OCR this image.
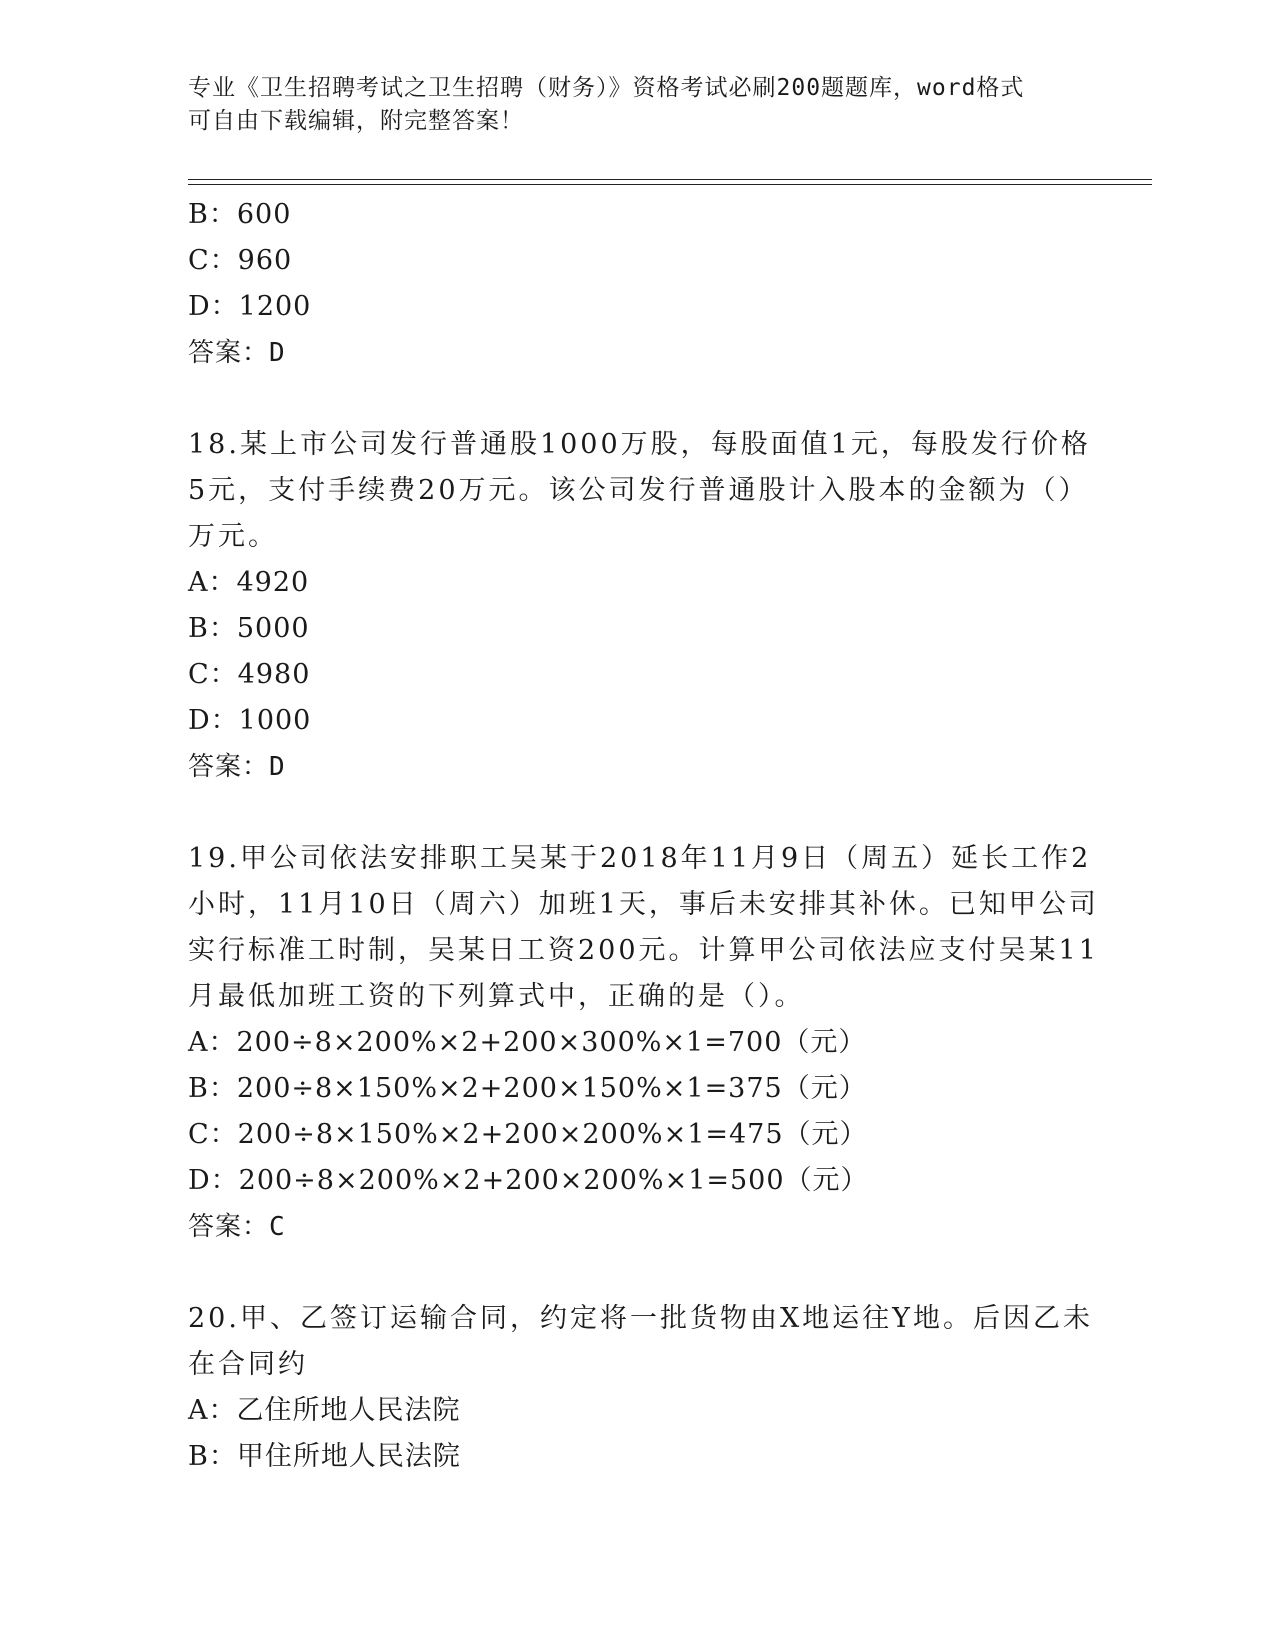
专业《卫生招聘考试之卫生招聘（财务）》资格考试必刷200题题库，word格式
可自由下载编辑，附完整答案！
B：600
C：960
D：1200
答案：D
18.某上市公司发行普通股1000万股，每股面值1元，每股发行价格
5元，支付手续费20万元。该公司发行普通股计入股本的金额为（）
万元。
A：4920
B：5000
C：4980
D：1000
答案：D
19.甲公司依法安排职工吴某于2018年11月9日（周五）延长工作2
小时，11月10日（周六）加班1天，事后未安排其补休。已知甲公司
实行标准工时制，吴某日工资200元。计算甲公司依法应支付吴某11
月最低加班工资的下列算式中，正确的是（）。
A：200÷8×200%×2+200×300%×1=700（元）
B：200÷8×150%×2+200×150%×1=375（元）
C：200÷8×150%×2+200×200%×1=475（元）
D：200÷8×200%×2+200×200%×1=500（元）
答案：C
20.甲、乙签订运输合同，约定将一批货物由X地运往Y地。后因乙未
在合同约
A：乙住所地人民法院
B：甲住所地人民法院
